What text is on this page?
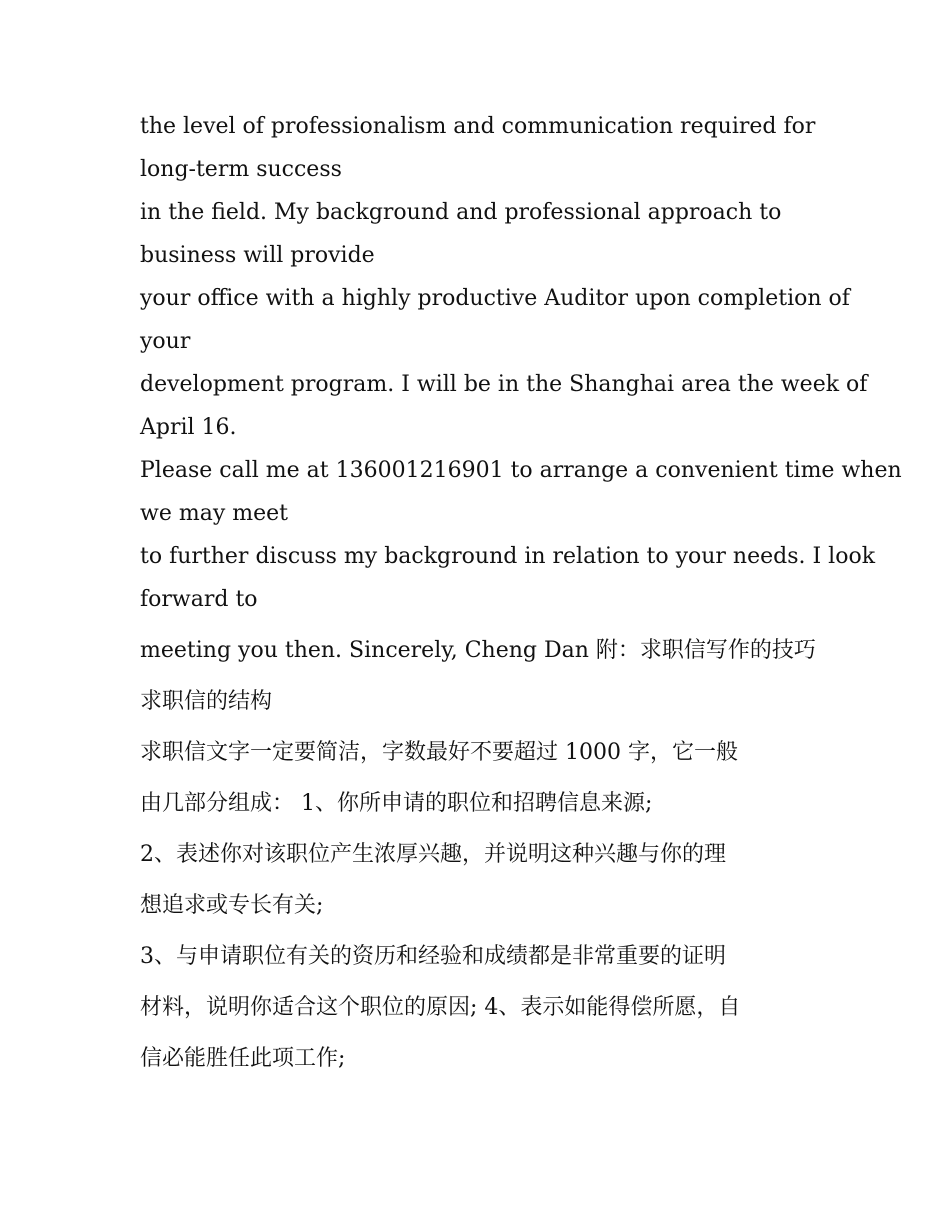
the level of professionalism and communication required for
long-term success
in the field. My background and professional approach to
business will provide
your office with a highly productive Auditor upon completion of
your
development program. I will be in the Shanghai area the week of
April 16.
Please call me at 136001216901 to arrange a convenient time when
we may meet
to further discuss my background in relation to your needs. I look
forward to
meeting you then. Sincerely, Cheng Dan 附：求职信写作的技巧
求职信的结构
求职信文字一定要简洁，字数最好不要超过 1000 字，它一般
由几部分组成： 1、你所申请的职位和招聘信息来源;
2、表述你对该职位产生浓厚兴趣，并说明这种兴趣与你的理
想追求或专长有关;
3、与申请职位有关的资历和经验和成绩都是非常重要的证明
材料，说明你适合这个职位的原因; 4、表示如能得偿所愿，自
信必能胜任此项工作;
